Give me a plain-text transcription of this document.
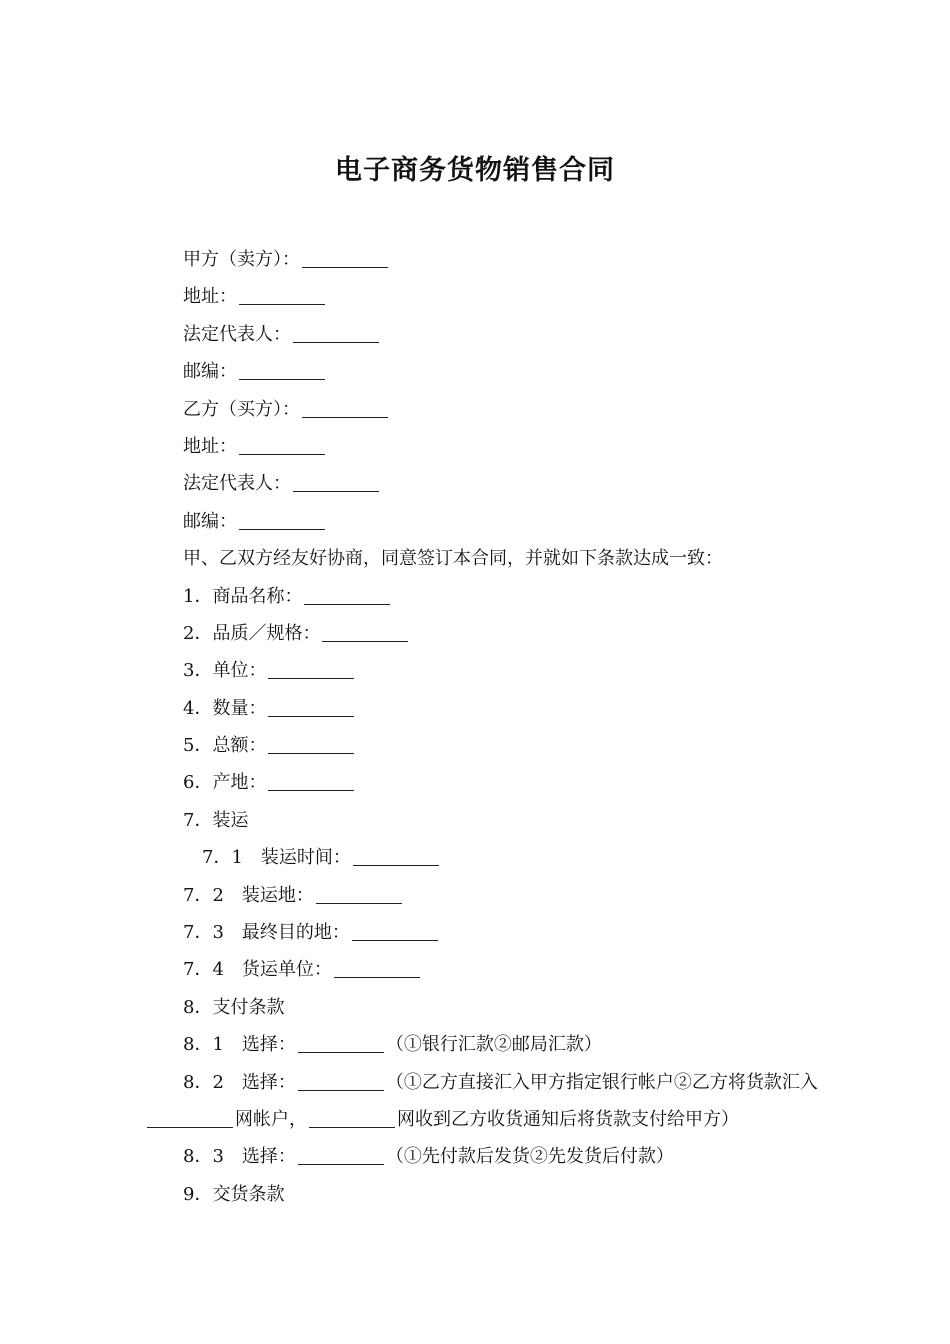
电子商务货物销售合同
甲方（卖方）：
地址：
法定代表人：
邮编：
乙方（买方）：
地址：
法定代表人：
邮编：
甲、乙双方经友好协商，同意签订本合同，并就如下条款达成一致：
1．商品名称：
2．品质／规格：
3．单位：
4．数量：
5．总额：
6．产地：
7．装运
7．1　装运时间：
7．2　装运地：
7．3　最终目的地：
7．4　货运单位：
8．支付条款
8．1　选择：	（①银行汇款②邮局汇款）
8．2　选择：	（①乙方直接汇入甲方指定银行帐户②乙方将货款汇入网帐户，	网收到乙方收货通知后将货款支付给甲方）
8．3　选择：	（①先付款后发货②先发货后付款）
9．交货条款
